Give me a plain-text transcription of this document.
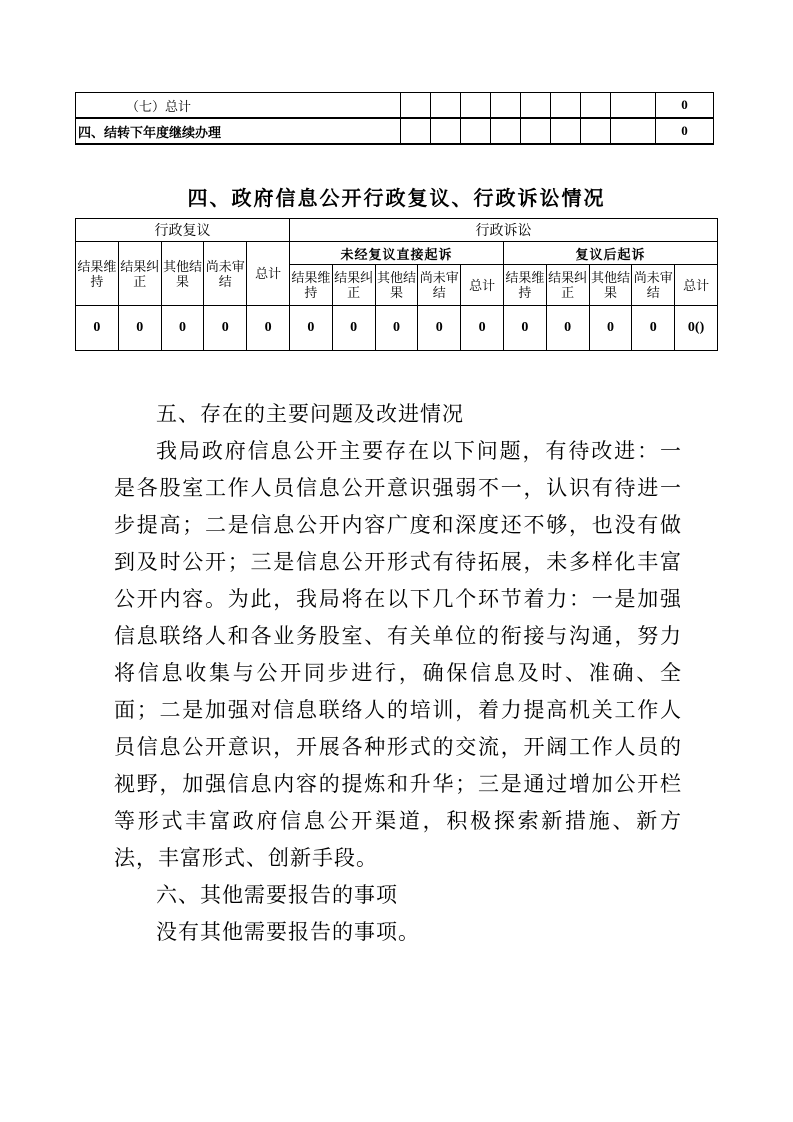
（七）总计									0
四、结转下年度继续办理									0
四、政府信息公开行政复议、行政诉讼情况
行政复议					行政诉讼									
结果维持	结果纠正	其他结果	尚未审结	总计	未经复议直接起诉					复议后起诉				
					结果维持	结果纠正	其他结果	尚未审结	总计	结果维持	结果纠正	其他结果	尚未审结	总计
0	0	0	0	0	0	0	0	0	0	0	0	0	0	0()

五、存在的主要问题及改进情况

我局政府信息公开主要存在以下问题，有待改进：一是各股室工作人员信息公开意识强弱不一，认识有待进一步提高；二是信息公开内容广度和深度还不够，也没有做到及时公开；三是信息公开形式有待拓展，未多样化丰富公开内容。为此，我局将在以下几个环节着力：一是加强信息联络人和各业务股室、有关单位的衔接与沟通，努力将信息收集与公开同步进行，确保信息及时、准确、全面；二是加强对信息联络人的培训，着力提高机关工作人员信息公开意识，开展各种形式的交流，开阔工作人员的视野，加强信息内容的提炼和升华；三是通过增加公开栏等形式丰富政府信息公开渠道，积极探索新措施、新方法，丰富形式、创新手段。

六、其他需要报告的事项

没有其他需要报告的事项。
